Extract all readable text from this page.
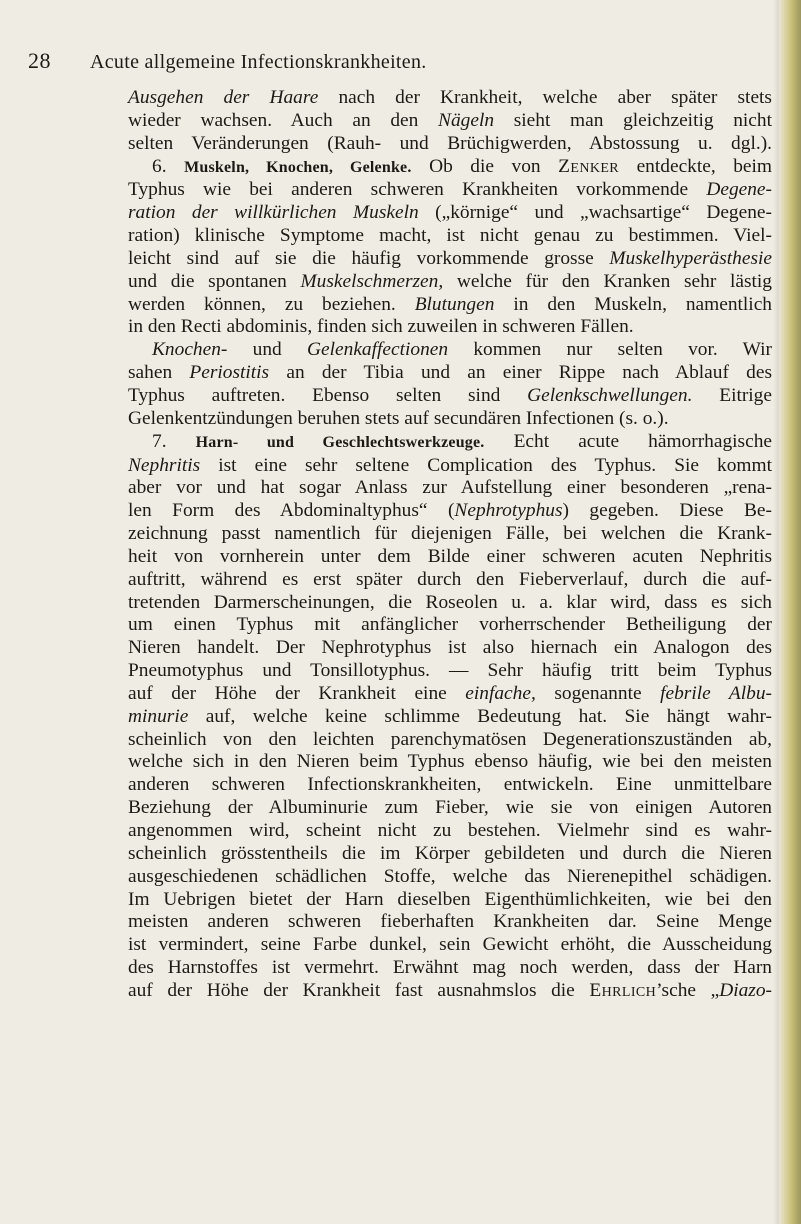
28 Acute allgemeine Infectionskrankheiten.
Ausgehen der Haare nach der Krankheit, welche aber später stets
wieder wachsen. Auch an den Nägeln sieht man gleichzeitig nicht
selten Veränderungen (Rauh- und Brüchigwerden, Abstossung u. dgl.).
6. Muskeln, Knochen, Gelenke. Ob die von Zenker entdeckte, beim
Typhus wie bei anderen schweren Krankheiten vorkommende Degene-
ration der willkürlichen Muskeln („körnige“ und „wachsartige“ Degene-
ration) klinische Symptome macht, ist nicht genau zu bestimmen. Viel-
leicht sind auf sie die häufig vorkommende grosse Muskelhyperästhesie
und die spontanen Muskelschmerzen, welche für den Kranken sehr lästig
werden können, zu beziehen. Blutungen in den Muskeln, namentlich
in den Recti abdominis, finden sich zuweilen in schweren Fällen.
Knochen- und Gelenkaffectionen kommen nur selten vor. Wir
sahen Periostitis an der Tibia und an einer Rippe nach Ablauf des
Typhus auftreten. Ebenso selten sind Gelenkschwellungen. Eitrige
Gelenkentzündungen beruhen stets auf secundären Infectionen (s. o.).
7. Harn- und Geschlechtswerkzeuge. Echt acute hämorrhagische
Nephritis ist eine sehr seltene Complication des Typhus. Sie kommt
aber vor und hat sogar Anlass zur Aufstellung einer besonderen „rena-
len Form des Abdominaltyphus“ (Nephrotyphus) gegeben. Diese Be-
zeichnung passt namentlich für diejenigen Fälle, bei welchen die Krank-
heit von vornherein unter dem Bilde einer schweren acuten Nephritis
auftritt, während es erst später durch den Fieberverlauf, durch die auf-
tretenden Darmerscheinungen, die Roseolen u. a. klar wird, dass es sich
um einen Typhus mit anfänglicher vorherrschender Betheiligung der
Nieren handelt. Der Nephrotyphus ist also hiernach ein Analogon des
Pneumotyphus und Tonsillotyphus. — Sehr häufig tritt beim Typhus
auf der Höhe der Krankheit eine einfache, sogenannte febrile Albu-
minurie auf, welche keine schlimme Bedeutung hat. Sie hängt wahr-
scheinlich von den leichten parenchymatösen Degenerationszuständen ab,
welche sich in den Nieren beim Typhus ebenso häufig, wie bei den meisten
anderen schweren Infectionskrankheiten, entwickeln. Eine unmittelbare
Beziehung der Albuminurie zum Fieber, wie sie von einigen Autoren
angenommen wird, scheint nicht zu bestehen. Vielmehr sind es wahr-
scheinlich grösstentheils die im Körper gebildeten und durch die Nieren
ausgeschiedenen schädlichen Stoffe, welche das Nierenepithel schädigen.
Im Uebrigen bietet der Harn dieselben Eigenthümlichkeiten, wie bei den
meisten anderen schweren fieberhaften Krankheiten dar. Seine Menge
ist vermindert, seine Farbe dunkel, sein Gewicht erhöht, die Ausscheidung
des Harnstoffes ist vermehrt. Erwähnt mag noch werden, dass der Harn
auf der Höhe der Krankheit fast ausnahmslos die Ehrlich’sche „Diazo-
